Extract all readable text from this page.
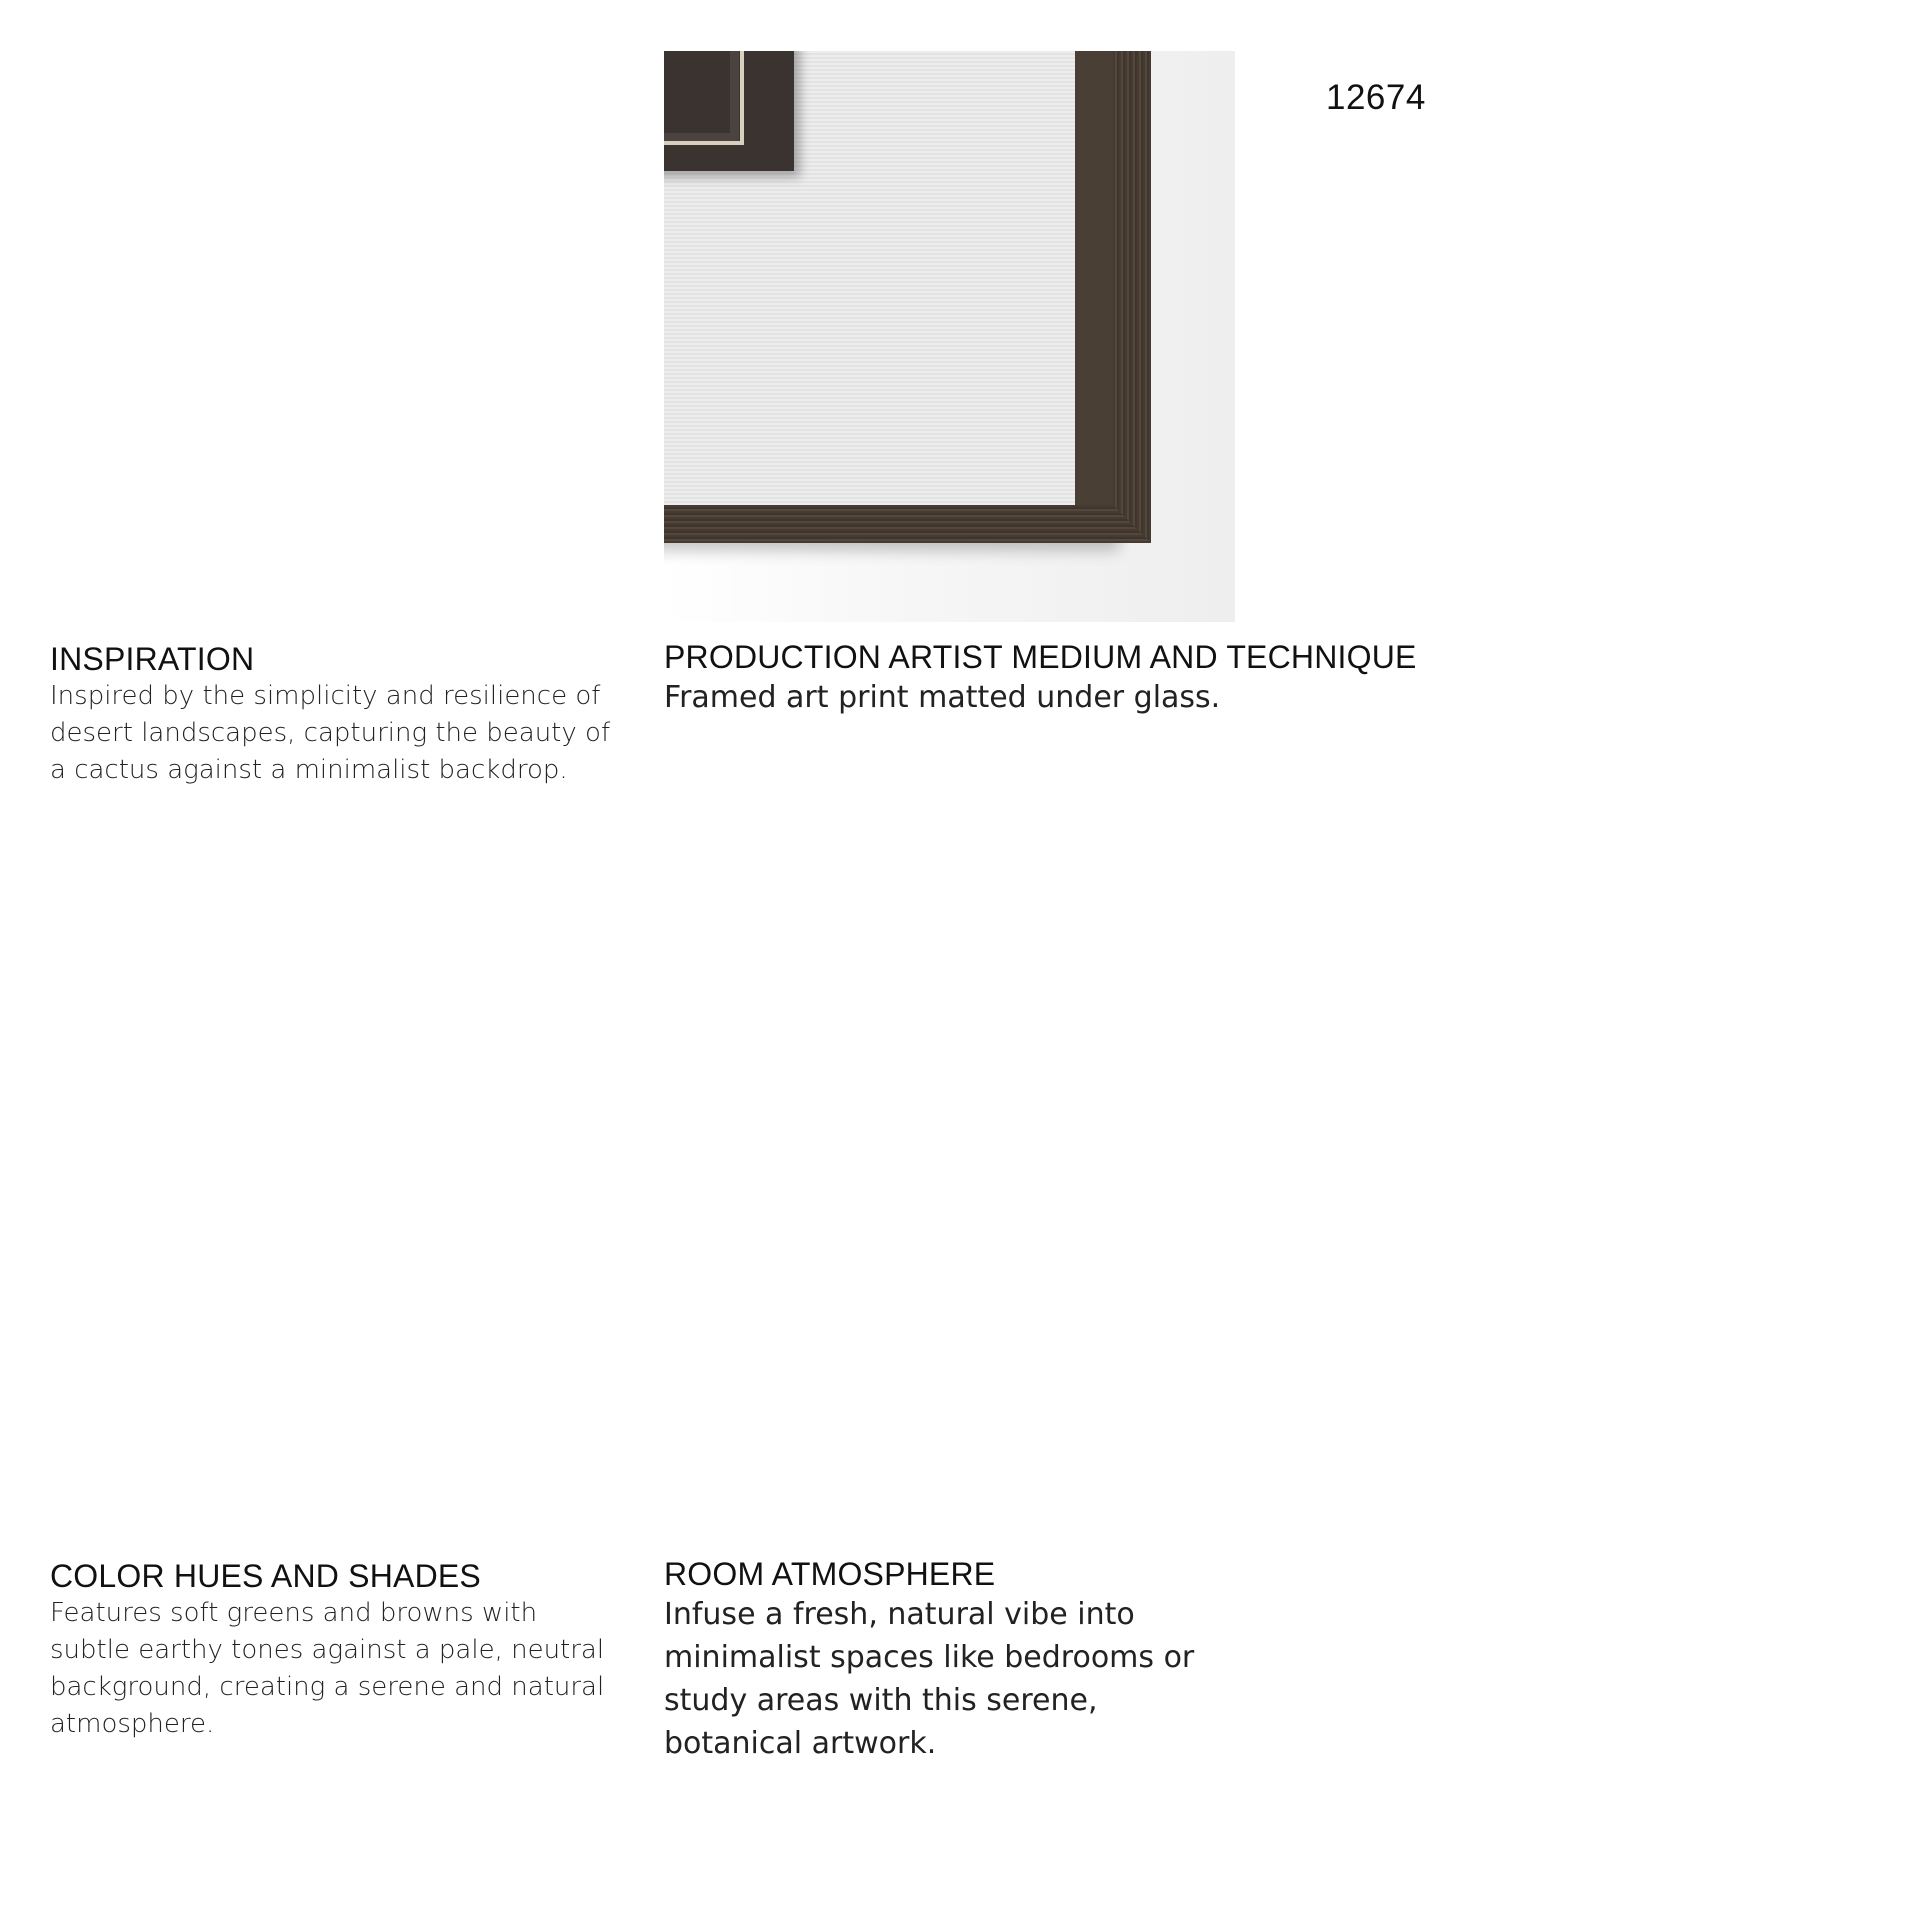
12674
INSPIRATION

Inspired by the simplicity and resilience of desert landscapes, capturing the beauty of a cactus against a minimalist backdrop.

PRODUCTION ARTIST MEDIUM AND TECHNIQUE

Framed art print matted under glass.

COLOR HUES AND SHADES

Features soft greens and browns with subtle earthy tones against a pale, neutral background, creating a serene and natural atmosphere.

ROOM ATMOSPHERE

Infuse a fresh, natural vibe into minimalist spaces like bedrooms or study areas with this serene, botanical artwork.
